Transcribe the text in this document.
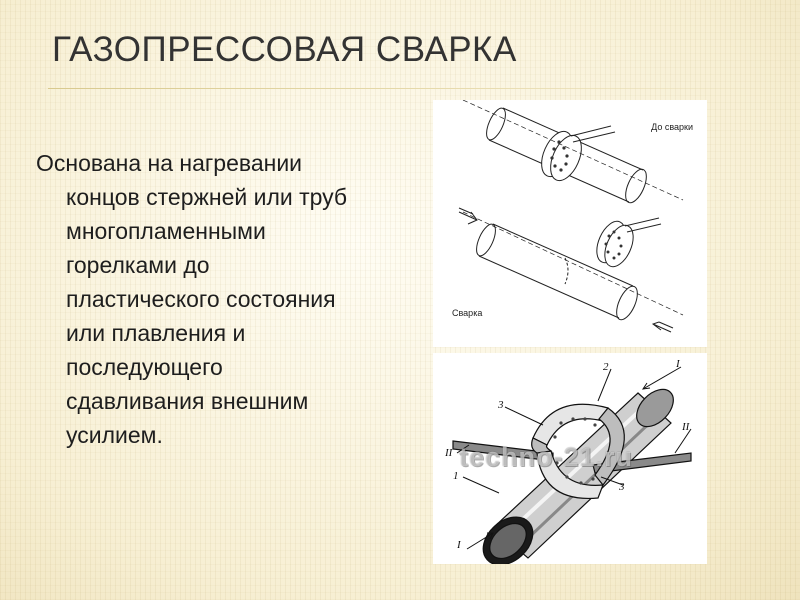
ГАЗОПРЕССОВАЯ СВАРКА
Основана на нагревании
концов стержней или труб
многопламенными
горелками до
пластического состояния
или плавления и
последующего
сдавливания внешним
усилием.
До сварки
Сварка
techno-21.ru
1
2
3
3
I
I
II
II
